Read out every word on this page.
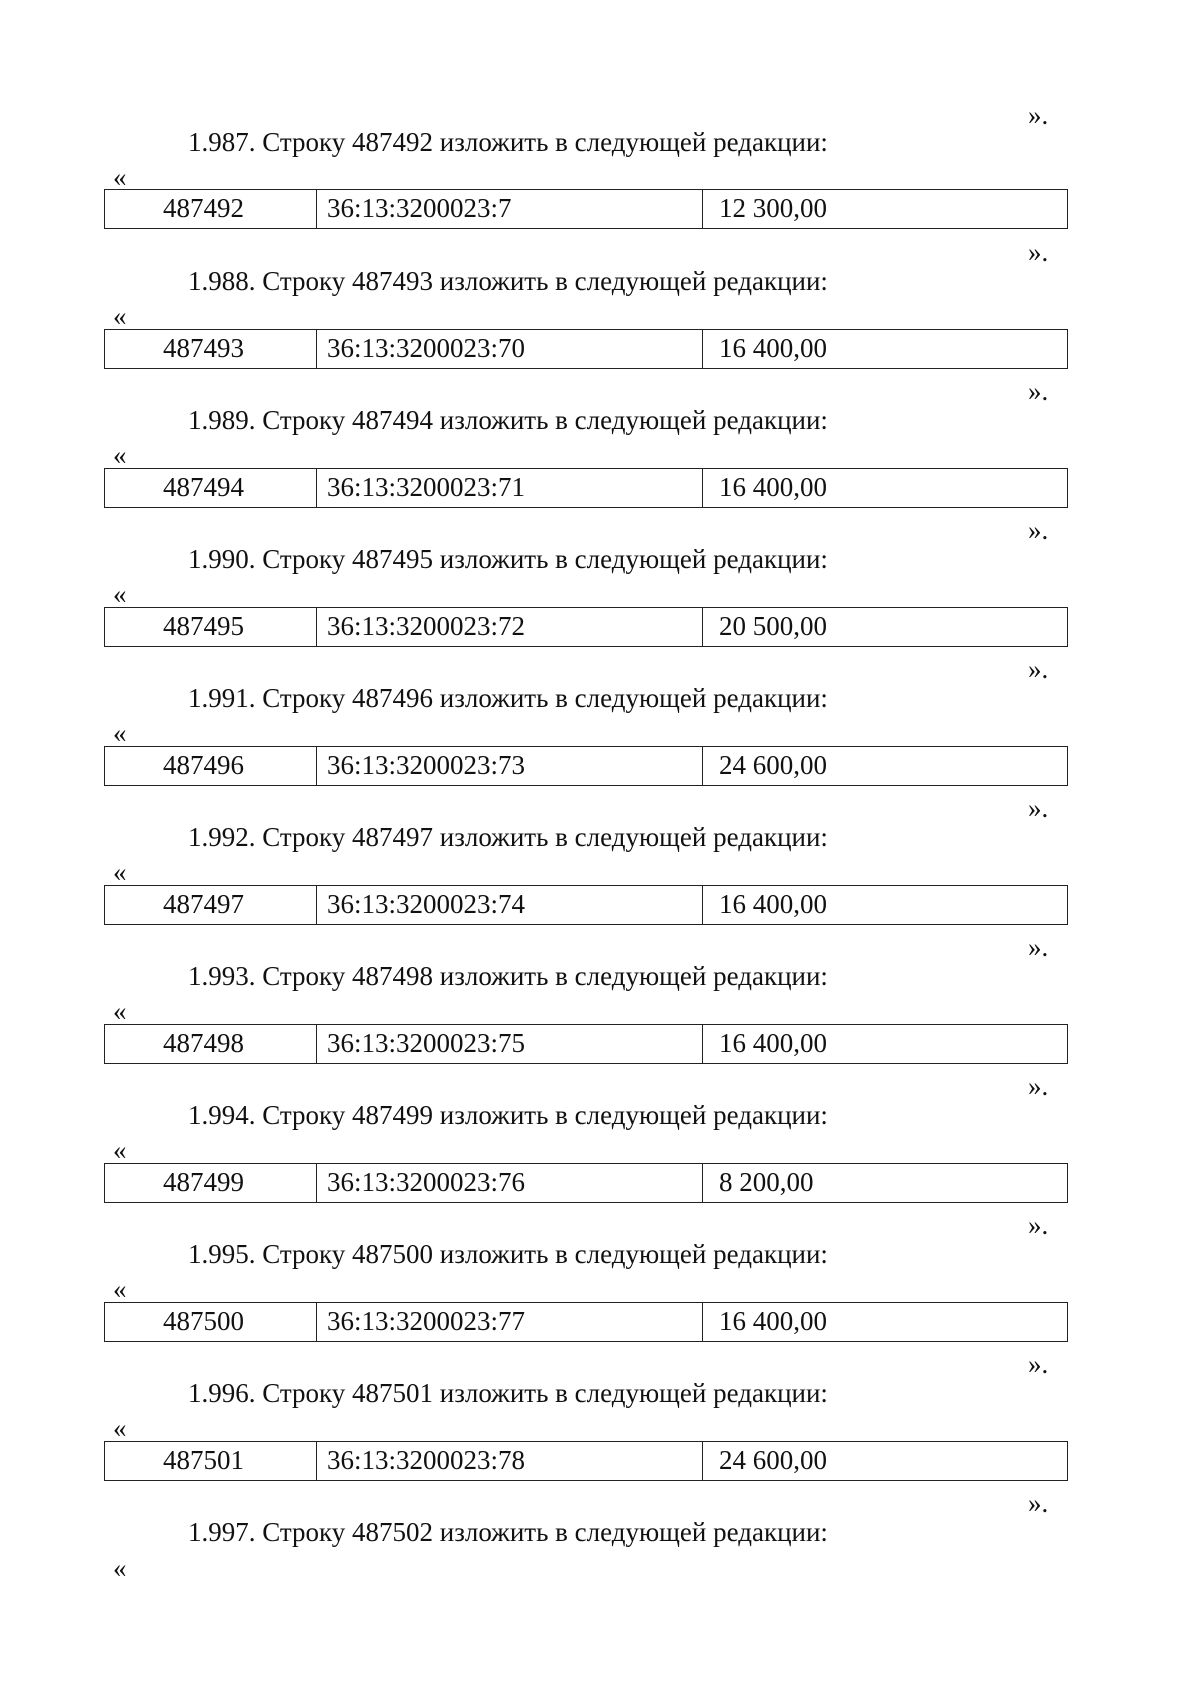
».
1.987. Строку 487492 изложить в следующей редакции:
«
487492	36:13:3200023:7	12 300,00
».
1.988. Строку 487493 изложить в следующей редакции:
«
487493	36:13:3200023:70	16 400,00
».
1.989. Строку 487494 изложить в следующей редакции:
«
487494	36:13:3200023:71	16 400,00
».
1.990. Строку 487495 изложить в следующей редакции:
«
487495	36:13:3200023:72	20 500,00
».
1.991. Строку 487496 изложить в следующей редакции:
«
487496	36:13:3200023:73	24 600,00
».
1.992. Строку 487497 изложить в следующей редакции:
«
487497	36:13:3200023:74	16 400,00
».
1.993. Строку 487498 изложить в следующей редакции:
«
487498	36:13:3200023:75	16 400,00
».
1.994. Строку 487499 изложить в следующей редакции:
«
487499	36:13:3200023:76	8 200,00
».
1.995. Строку 487500 изложить в следующей редакции:
«
487500	36:13:3200023:77	16 400,00
».
1.996. Строку 487501 изложить в следующей редакции:
«
487501	36:13:3200023:78	24 600,00
».
1.997. Строку 487502 изложить в следующей редакции:
«
